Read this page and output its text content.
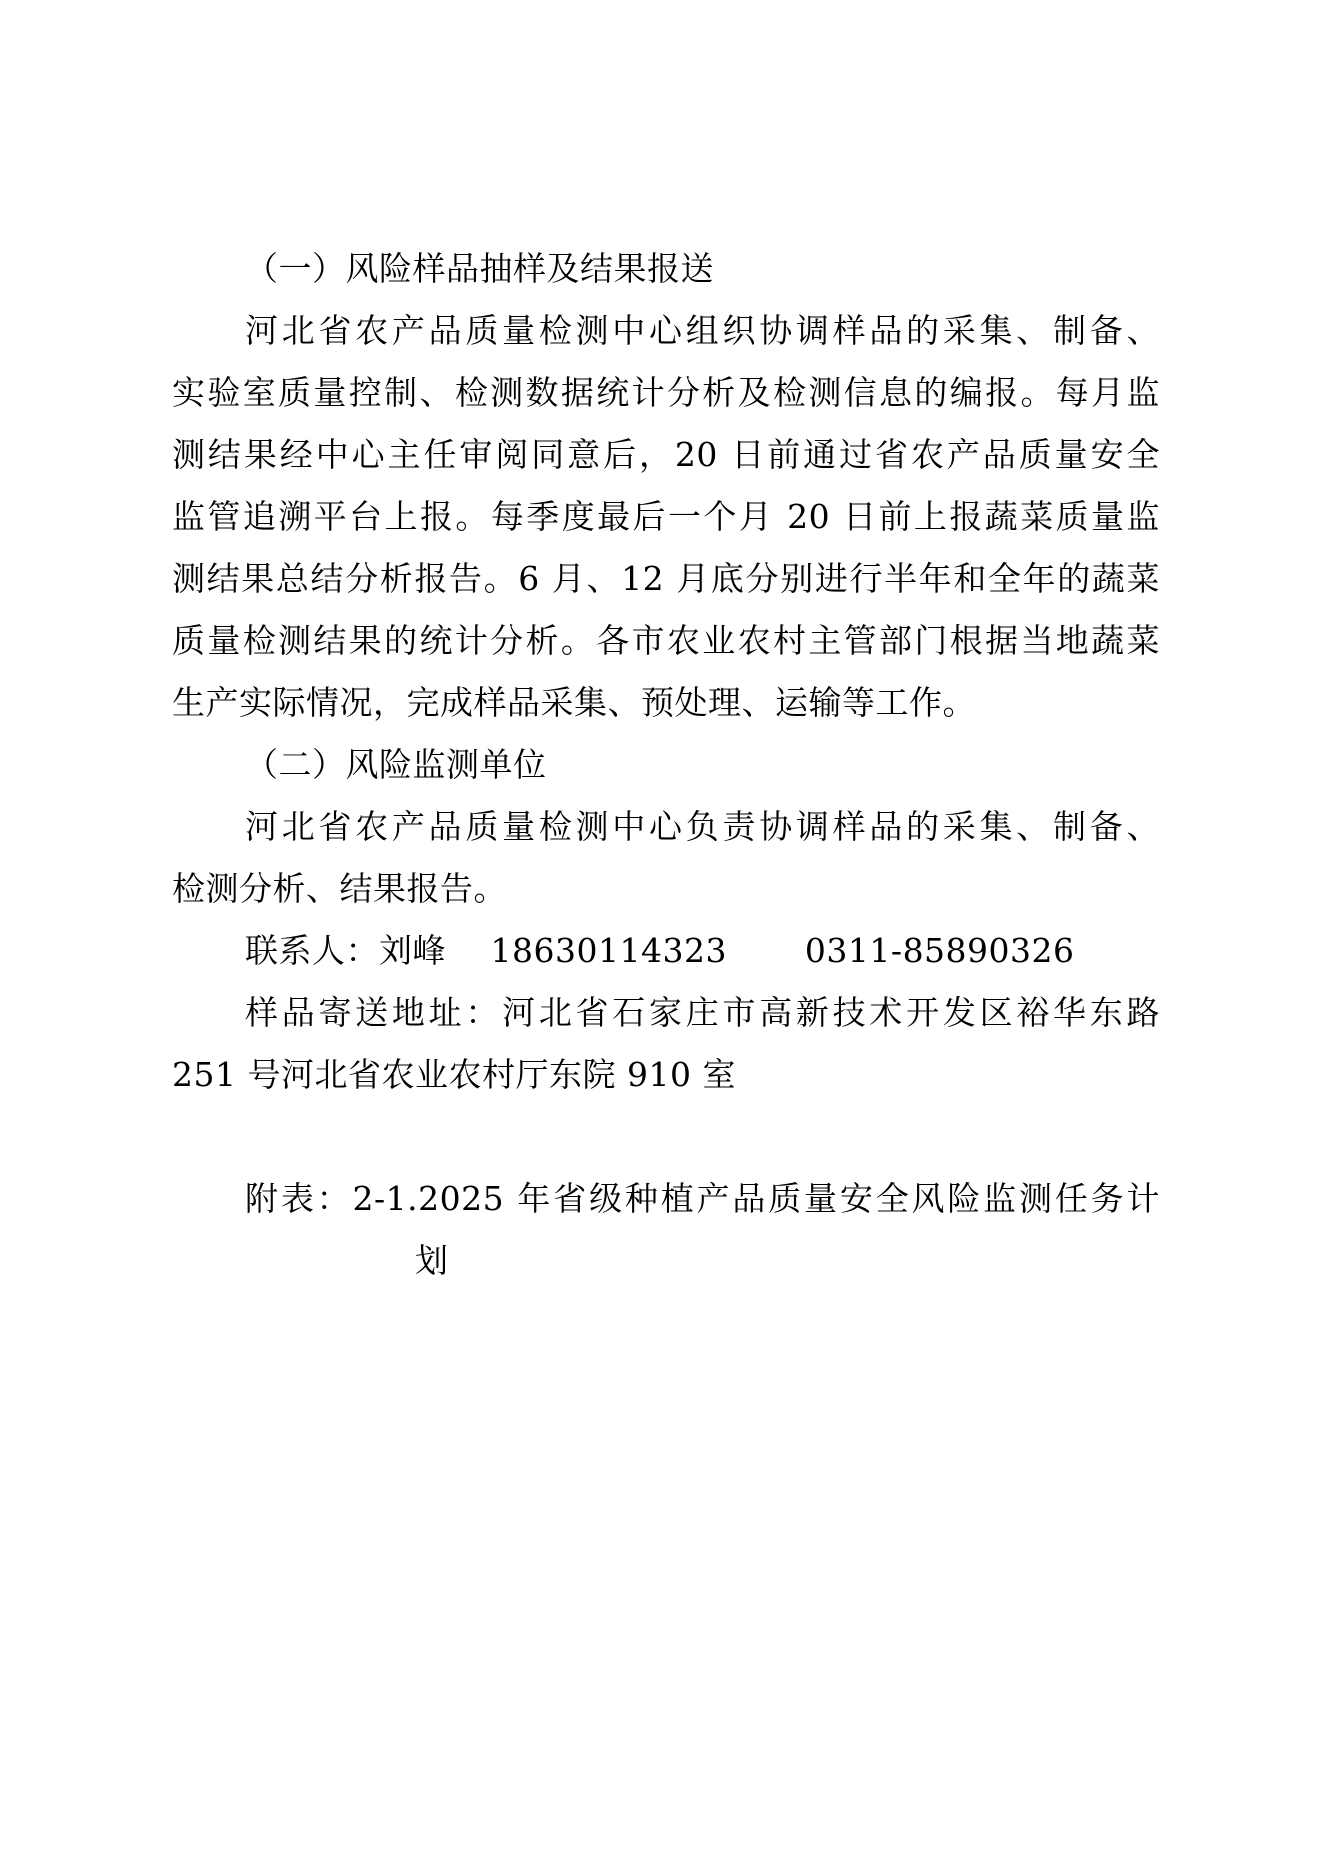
（一）风险样品抽样及结果报送
河北省农产品质量检测中心组织协调样品的采集、制备、
实验室质量控制、检测数据统计分析及检测信息的编报。每月监
测结果经中心主任审阅同意后，20 日前通过省农产品质量安全
监管追溯平台上报。每季度最后一个月 20 日前上报蔬菜质量监
测结果总结分析报告。6 月、12 月底分别进行半年和全年的蔬菜
质量检测结果的统计分析。各市农业农村主管部门根据当地蔬菜
生产实际情况，完成样品采集、预处理、运输等工作。
（二）风险监测单位
河北省农产品质量检测中心负责协调样品的采集、制备、
检测分析、结果报告。
联系人：刘峰　 18630114323　　 0311-85890326
样品寄送地址：河北省石家庄市高新技术开发区裕华东路
251 号河北省农业农村厅东院 910 室
附表：2-1.2025 年省级种植产品质量安全风险监测任务计
划
